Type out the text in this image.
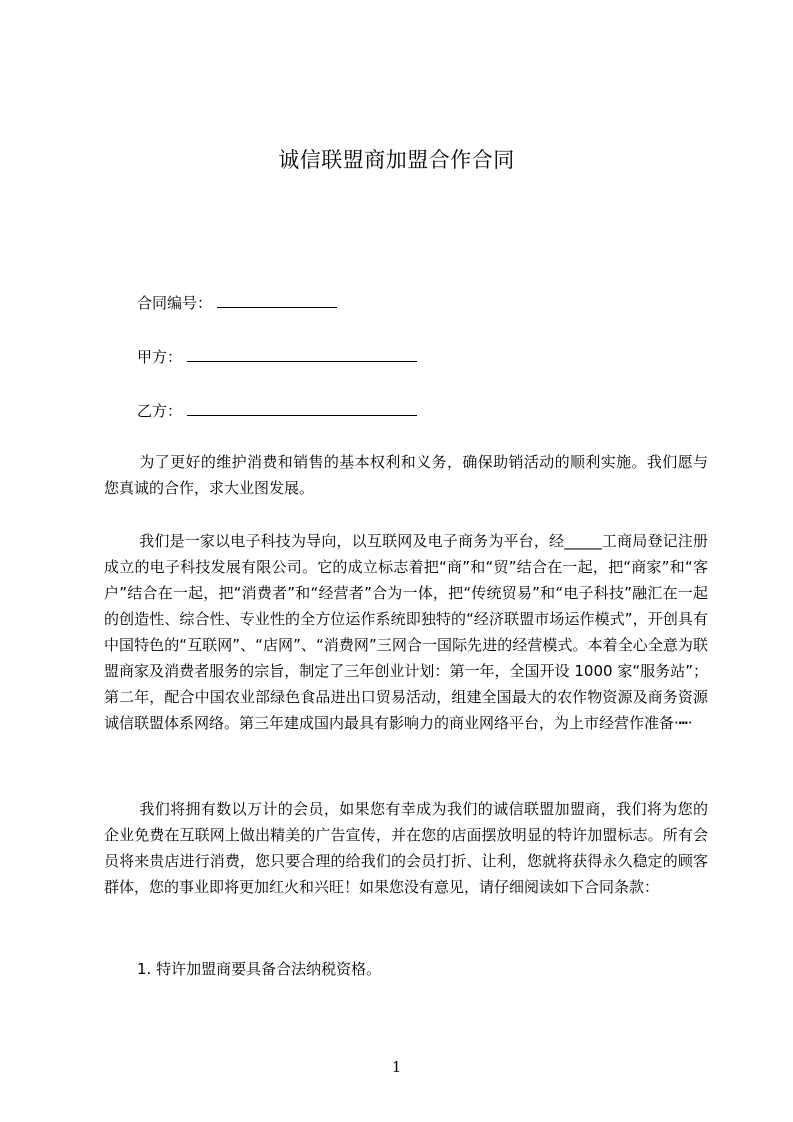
诚信联盟商加盟合作合同
合同编号：
甲方：
乙方：

为了更好的维护消费和销售的基本权利和义务，确保助销活动的顺利实施。我们愿与您真诚的合作，求大业图发展。

我们是一家以电子科技为导向，以互联网及电子商务为平台，经_____工商局登记注册成立的电子科技发展有限公司。它的成立标志着把“商”和“贸”结合在一起，把“商家”和“客户”结合在一起，把“消费者”和“经营者”合为一体，把“传统贸易”和“电子科技”融汇在一起的创造性、综合性、专业性的全方位运作系统即独特的“经济联盟市场运作模式”，开创具有中国特色的“互联网”、“店网”、“消费网”三网合一国际先进的经营模式。本着全心全意为联盟商家及消费者服务的宗旨，制定了三年创业计划：第一年，全国开设 1000 家“服务站”；第二年，配合中国农业部绿色食品进出口贸易活动，组建全国最大的农作物资源及商务资源诚信联盟体系网络。第三年建成国内最具有影响力的商业网络平台，为上市经营作准备·┅·

我们将拥有数以万计的会员，如果您有幸成为我们的诚信联盟加盟商，我们将为您的企业免费在互联网上做出精美的广告宣传，并在您的店面摆放明显的特许加盟标志。所有会员将来贵店进行消费，您只要合理的给我们的会员打折、让利，您就将获得永久稳定的顾客群体，您的事业即将更加红火和兴旺！如果您没有意见，请仔细阅读如下合同条款：

1. 特许加盟商要具备合法纳税资格。
1
